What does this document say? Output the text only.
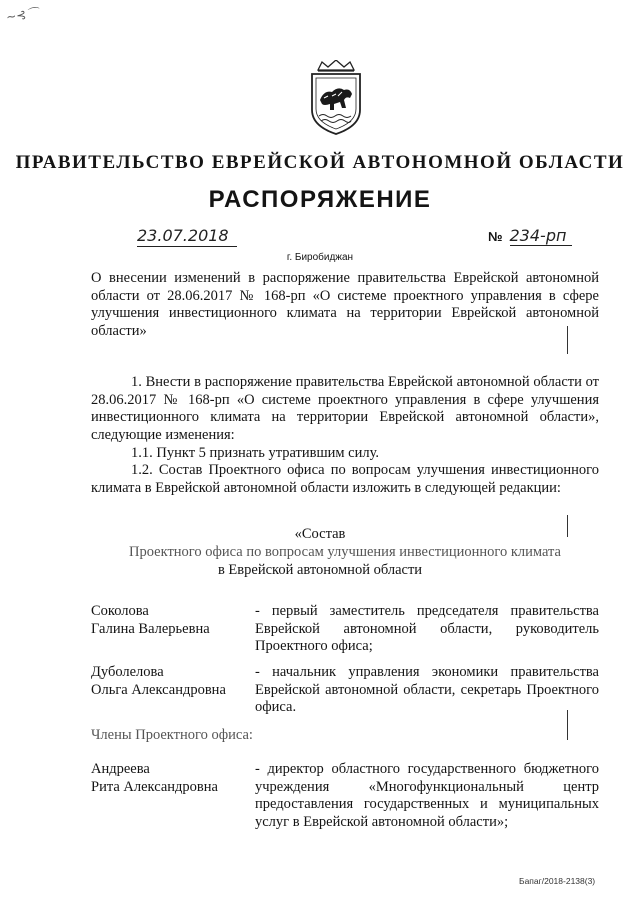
~⊰⌒
ПРАВИТЕЛЬСТВО ЕВРЕЙСКОЙ АВТОНОМНОЙ ОБЛАСТИ
РАСПОРЯЖЕНИЕ
23.07.2018	№ 234-рп
г. Биробиджан
О внесении изменений в распоряжение правительства Еврейской автономной области от 28.06.2017 № 168-рп «О системе проектного управления в сфере улучшения инвестиционного климата на территории Еврейской автономной области»
1. Внести в распоряжение правительства Еврейской автономной области от 28.06.2017 № 168-рп «О системе проектного управления в сфере улучшения инвестиционного климата на территории Еврейской автономной области», следующие изменения:
1.1. Пункт 5 признать утратившим силу.
1.2. Состав Проектного офиса по вопросам улучшения инвестиционного климата в Еврейской автономной области изложить в следующей редакции:
«Состав
Проектного офиса по вопросам улучшения инвестиционного климата
в Еврейской автономной области
Соколова
Галина Валерьевна
- первый заместитель председателя правительства Еврейской автономной области, руководитель Проектного офиса;
Дуболелова
Ольга Александровна
- начальник управления экономики правительства Еврейской автономной области, секретарь Проектного офиса.
Члены Проектного офиса:
Андреева
Рита Александровна
- директор областного государственного бюджетного учреждения «Многофункциональный центр предоставления государственных и муниципальных услуг в Еврейской автономной области»;
Бапаг/2018-2138(3)
